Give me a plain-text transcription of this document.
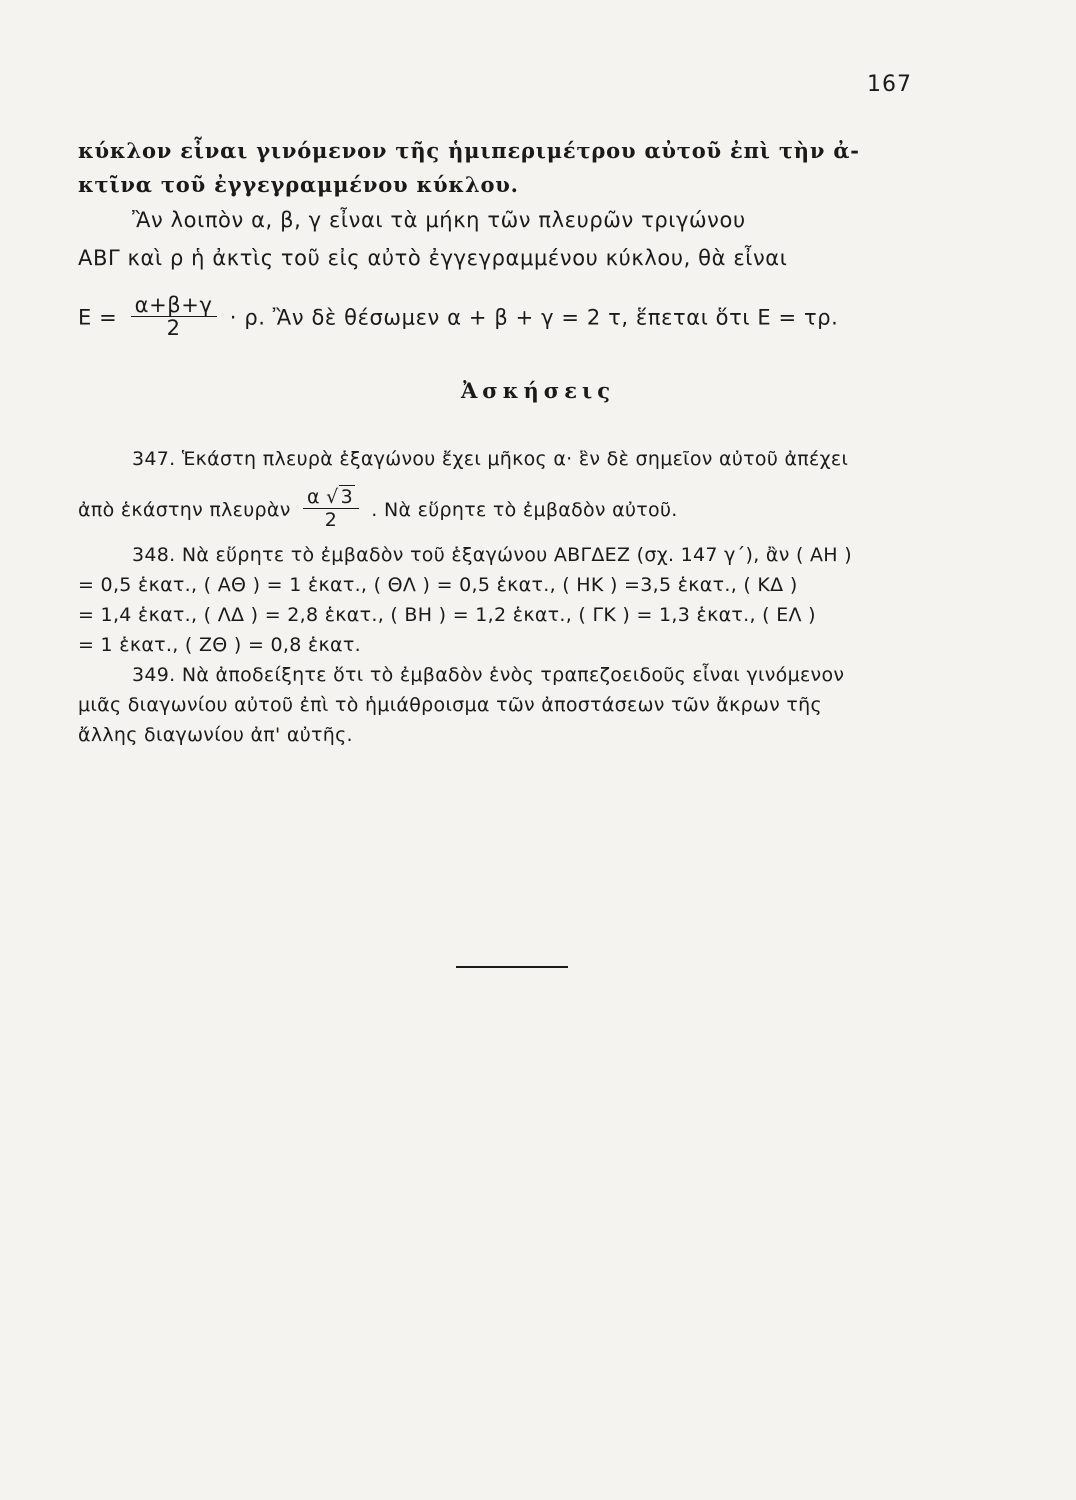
167
κύκλον εἶναι γινόμενον τῆς ἡμιπεριμέτρου αὐτοῦ ἐπὶ τὴν ἀ-
κτῖνα τοῦ ἐγγεγραμμένου κύκλου.
Ἂν λοιπὸν α, β, γ εἶναι τὰ μήκη τῶν πλευρῶν τριγώνου
ΑΒΓ καὶ ρ ἡ ἀκτὶς τοῦ εἰς αὐτὸ ἐγγεγραμμένου κύκλου, θὰ εἶναι
$E = \frac{\alpha+\beta+\gamma}{2} \cdot \rho$. Ἂν δὲ θέσωμεν α + β + γ = 2 τ, ἕπεται ὅτι E = τρ.
Ἀσκήσεις
347. Ἑκάστη πλευρὰ ἑξαγώνου ἔχει μῆκος α· ἓν δὲ σημεῖον αὐτοῦ ἀπέχει
ἀπὸ ἑκάστην πλευρὰν $\frac{\alpha √ 3}{2}$ . Νὰ εὕρητε τὸ ἐμβαδὸν αὐτοῦ.
348. Νὰ εὕρητε τὸ ἐμβαδὸν τοῦ ἑξαγώνου ΑΒΓΔΕΖ (σχ. 147 γ΄), ἂν ( ΑΗ )
= 0,5 ἑκατ., ( ΑΘ ) = 1 ἑκατ., ( ΘΛ ) = 0,5 ἑκατ., ( ΗΚ ) =3,5 ἑκατ., ( ΚΔ )
= 1,4 ἑκατ., ( ΛΔ ) = 2,8 ἑκατ., ( ΒΗ ) = 1,2 ἑκατ., ( ΓΚ ) = 1,3 ἑκατ., ( ΕΛ )
= 1 ἑκατ., ( ΖΘ ) = 0,8 ἑκατ.
349. Νὰ ἀποδείξητε ὅτι τὸ ἐμβαδὸν ἑνὸς τραπεζοειδοῦς εἶναι γινόμενον
μιᾶς διαγωνίου αὐτοῦ ἐπὶ τὸ ἡμιάθροισμα τῶν ἀποστάσεων τῶν ἄκρων τῆς
ἄλλης διαγωνίου ἀπ' αὐτῆς.
